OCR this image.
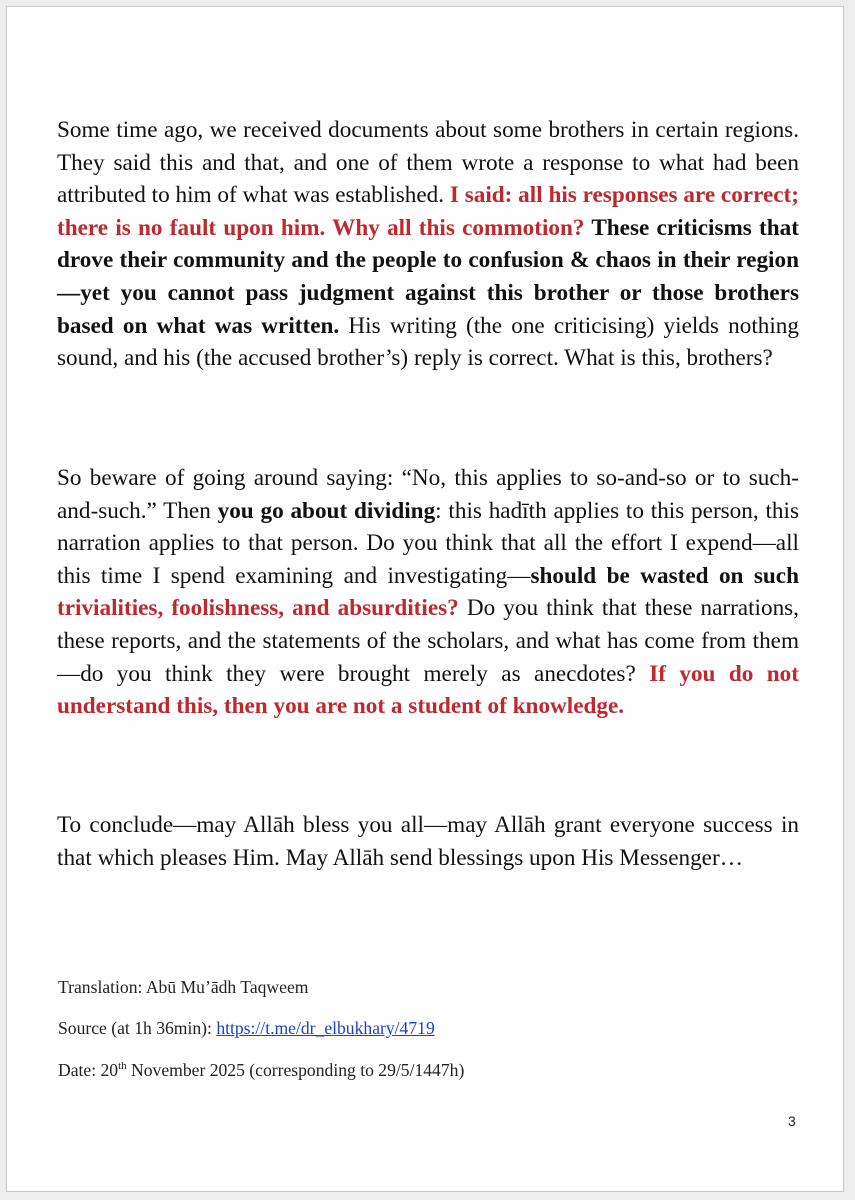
Some time ago, we received documents about some brothers in certain regions. They said this and that, and one of them wrote a response to what had been attributed to him of what was established. I said: all his responses are correct; there is no fault upon him. Why all this commotion? These criticisms that drove their community and the people to confusion & chaos in their region—yet you cannot pass judgment against this brother or those brothers based on what was written. His writing (the one criticising) yields nothing sound, and his (the accused brother’s) reply is correct. What is this, brothers?

So beware of going around saying: “No, this applies to so-and-so or to such-and-such.” Then you go about dividing: this hadīth applies to this person, this narration applies to that person. Do you think that all the effort I expend—all this time I spend examining and investigating—should be wasted on such trivialities, foolishness, and absurdities? Do you think that these narrations, these reports, and the statements of the scholars, and what has come from them—do you think they were brought merely as anecdotes? If you do not understand this, then you are not a student of knowledge.

To conclude—may Allāh bless you all—may Allāh grant everyone success in that which pleases Him. May Allāh send blessings upon His Messenger…

Translation: Abū Mu’ādh Taqweem

Source (at 1h 36min): https://t.me/dr_elbukhary/4719

Date: 20th November 2025 (corresponding to 29/5/1447h)

3
